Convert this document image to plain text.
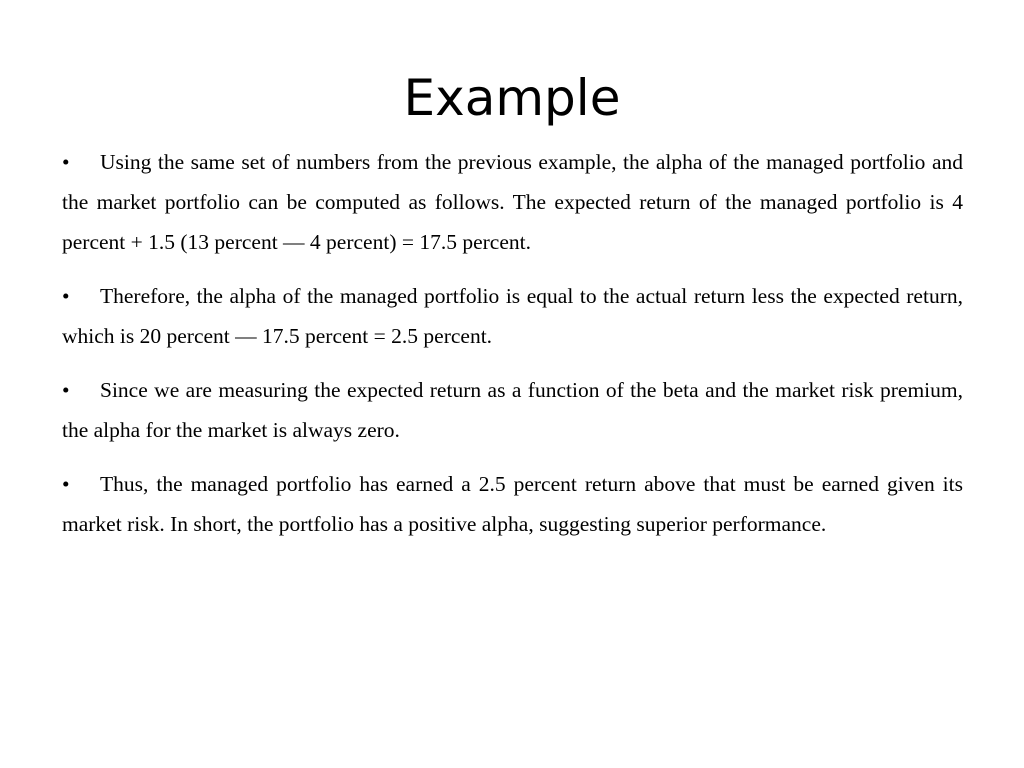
Example
• Using the same set of numbers from the previous example, the alpha of the managed portfolio and the market portfolio can be computed as follows. The expected return of the managed portfolio is 4 percent + 1.5 (13 percent — 4 percent) = 17.5 percent.
• Therefore, the alpha of the managed portfolio is equal to the actual return less the expected return, which is 20 percent — 17.5 percent = 2.5 percent.
• Since we are measuring the expected return as a function of the beta and the market risk premium, the alpha for the market is always zero.
• Thus, the managed portfolio has earned a 2.5 percent return above that must be earned given its market risk. In short, the portfolio has a positive alpha, suggesting superior performance.
